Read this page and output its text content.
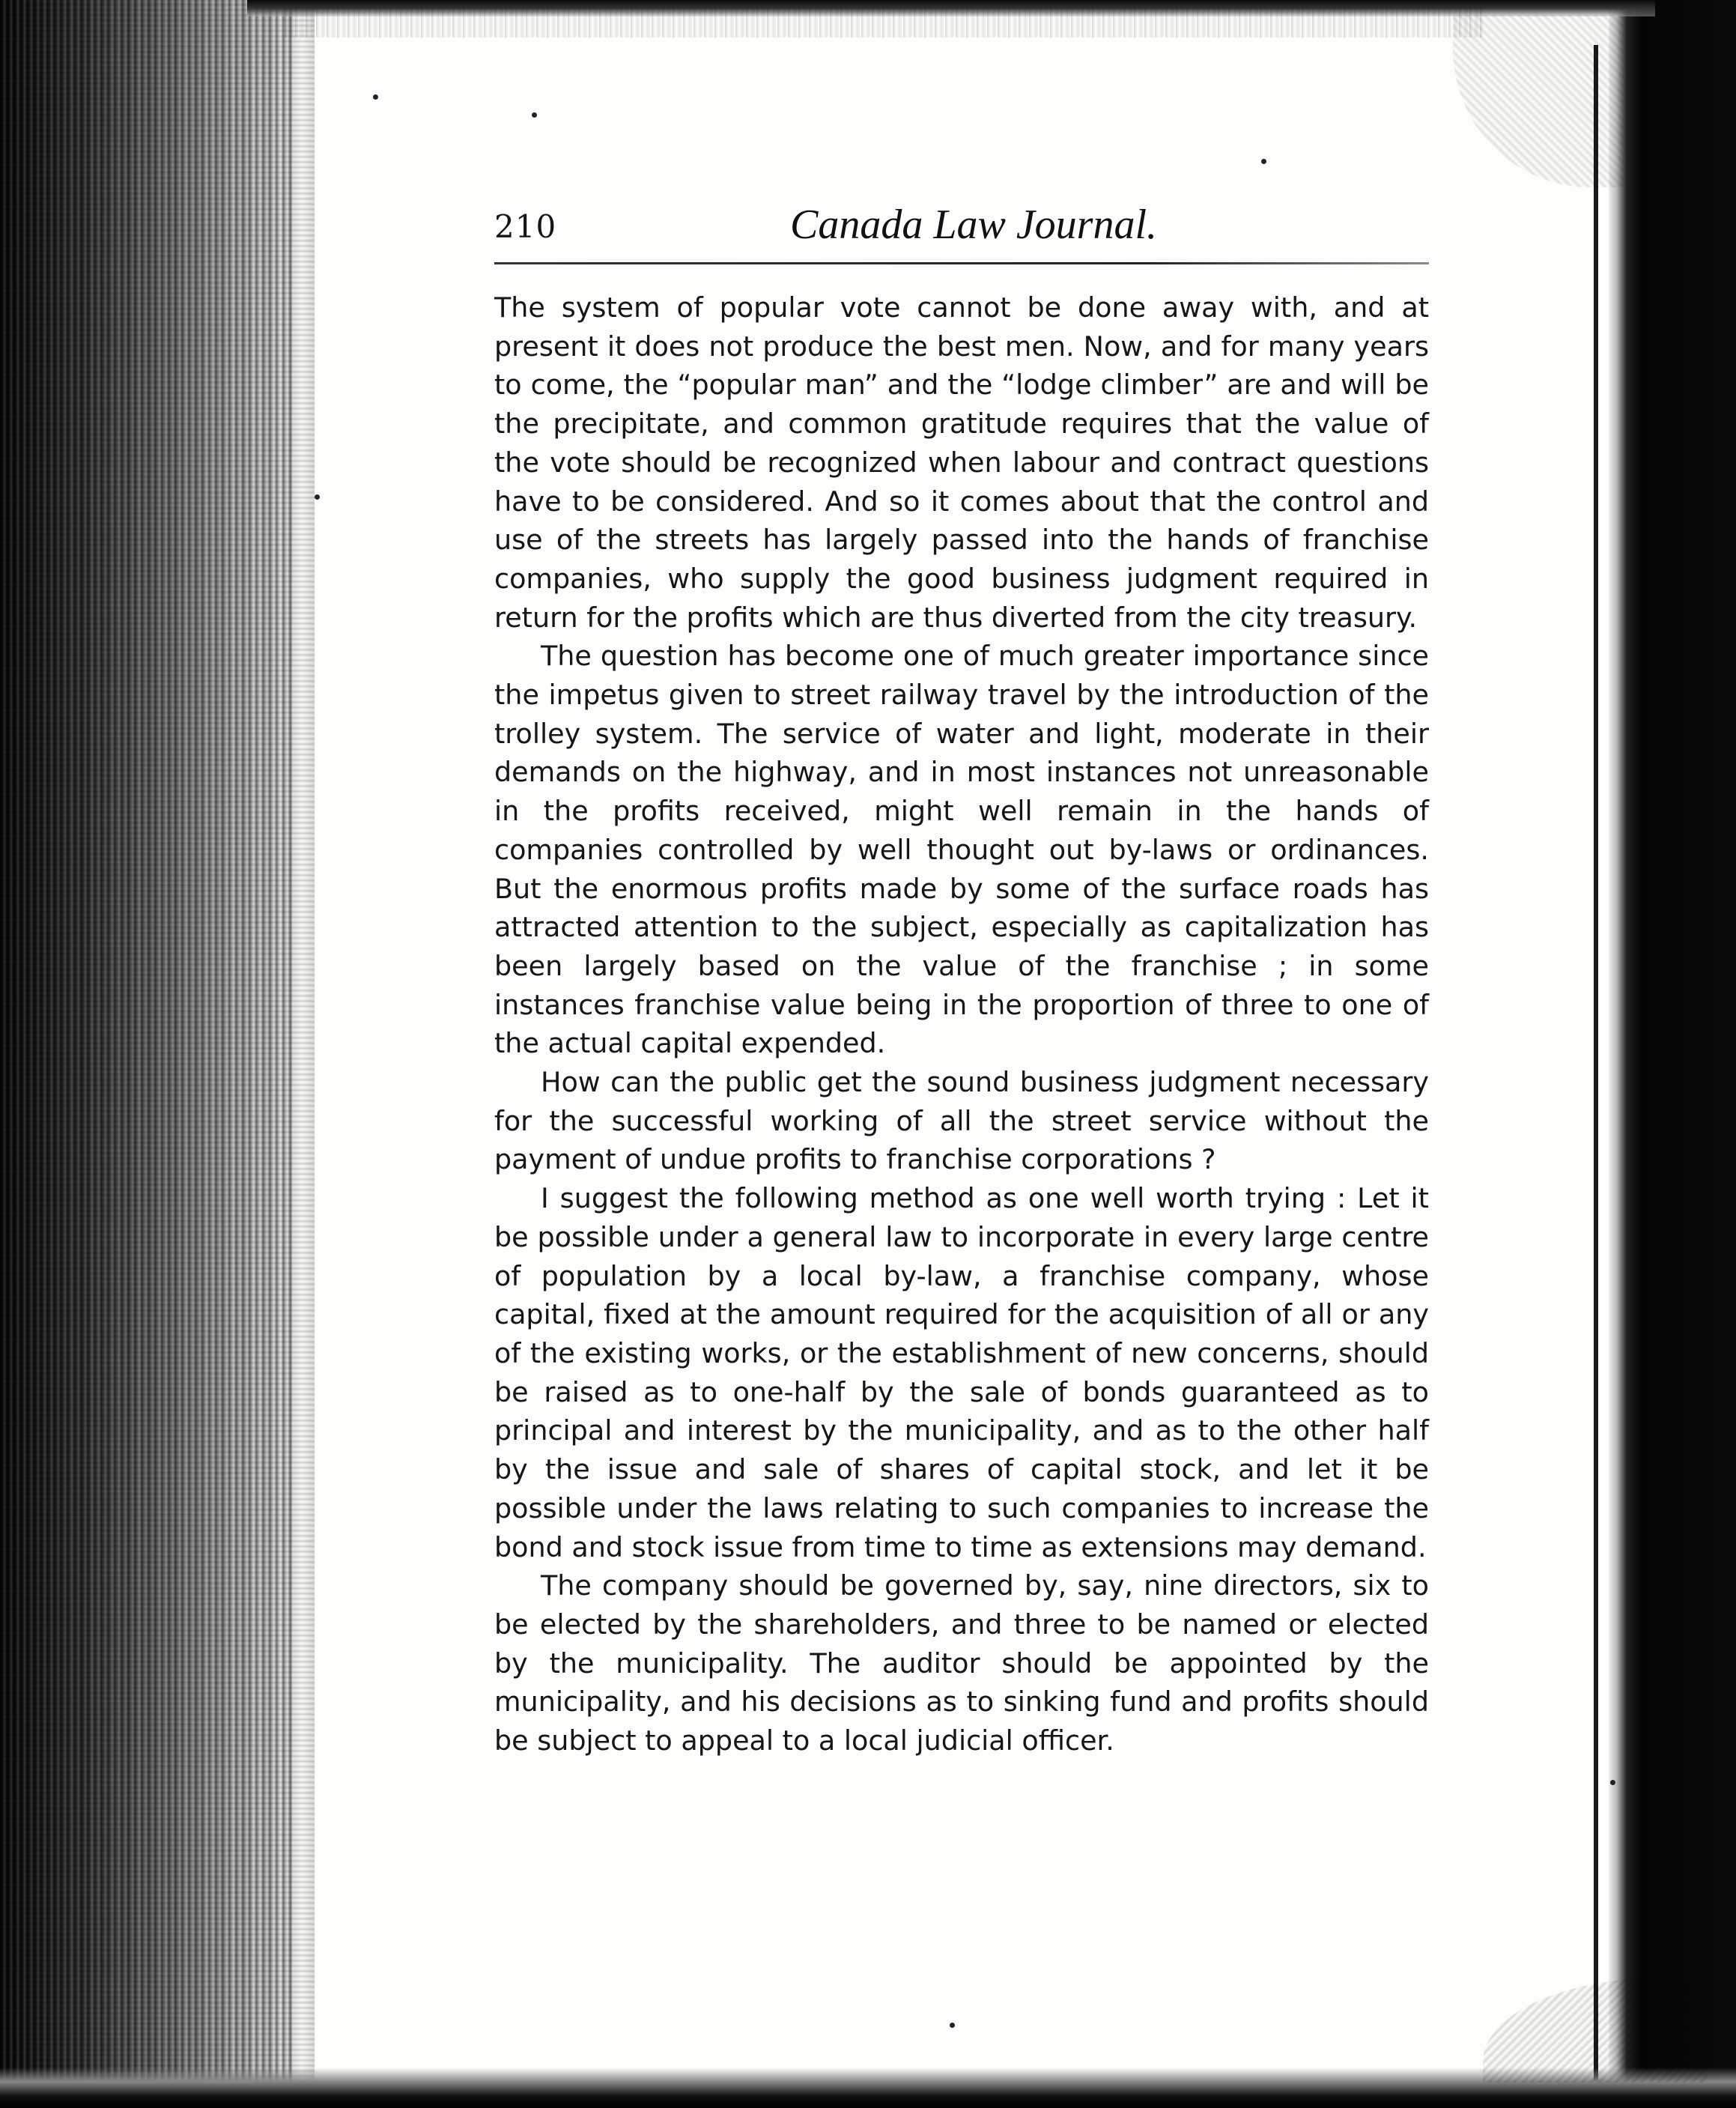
210	Canada Law Journal.

The system of popular vote cannot be done away with, and at present it does not produce the best men. Now, and for many years to come, the “popular man” and the “lodge climber” are and will be the precipitate, and common gratitude requires that the value of the vote should be recognized when labour and contract questions have to be considered. And so it comes about that the control and use of the streets has largely passed into the hands of franchise companies, who supply the good business judgment required in return for the profits which are thus diverted from the city treasury.

The question has become one of much greater importance since the impetus given to street railway travel by the introduction of the trolley system. The service of water and light, moderate in their demands on the highway, and in most instances not unreasonable in the profits received, might well remain in the hands of companies controlled by well thought out by-laws or ordinances. But the enormous profits made by some of the surface roads has attracted attention to the subject, especially as capitalization has been largely based on the value of the franchise ; in some instances franchise value being in the proportion of three to one of the actual capital expended.

How can the public get the sound business judgment necessary for the successful working of all the street service without the payment of undue profits to franchise corporations ?

I suggest the following method as one well worth trying : Let it be possible under a general law to incorporate in every large centre of population by a local by-law, a franchise company, whose capital, fixed at the amount required for the acquisition of all or any of the existing works, or the establishment of new concerns, should be raised as to one-half by the sale of bonds guaranteed as to principal and interest by the municipality, and as to the other half by the issue and sale of shares of capital stock, and let it be possible under the laws relating to such companies to increase the bond and stock issue from time to time as extensions may demand.

The company should be governed by, say, nine directors, six to be elected by the shareholders, and three to be named or elected by the municipality. The auditor should be appointed by the municipality, and his decisions as to sinking fund and profits should be subject to appeal to a local judicial officer.
